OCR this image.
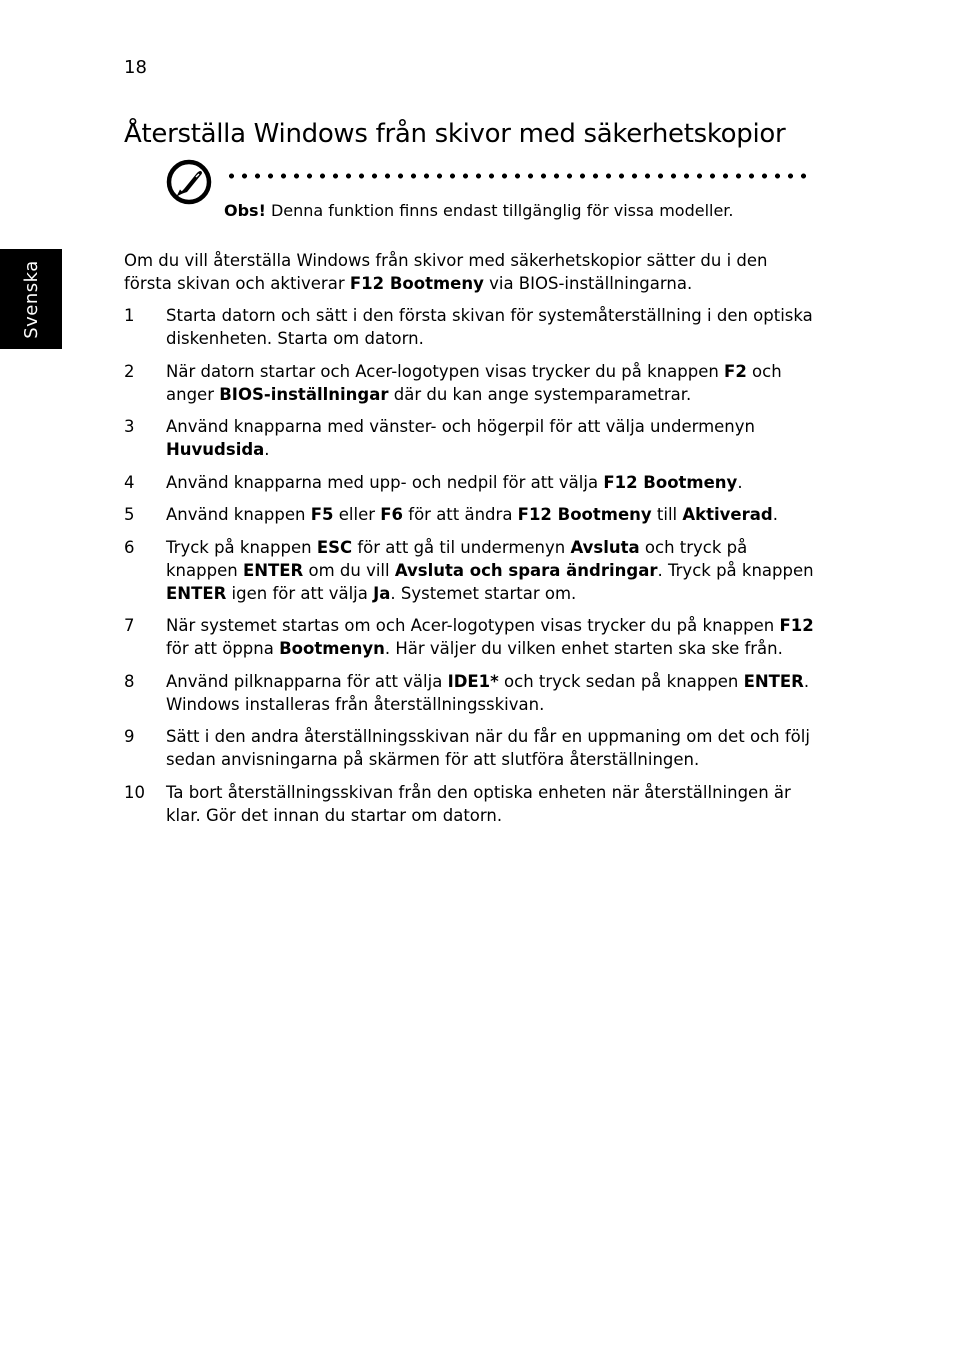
18
Svenska
Återställa Windows från skivor med säkerhetskopior
Obs! Denna funktion finns endast tillgänglig för vissa modeller.

Om du vill återställa Windows från skivor med säkerhetskopior sätter du i den första skivan och aktiverar F12 Bootmeny via BIOS-inställningarna.

1	Starta datorn och sätt i den första skivan för systemåterställning i den optiska diskenheten. Starta om datorn.
2	När datorn startar och Acer-logotypen visas trycker du på knappen F2 och anger BIOS-inställningar där du kan ange systemparametrar.
3	Använd knapparna med vänster- och högerpil för att välja undermenyn Huvudsida.
4	Använd knapparna med upp- och nedpil för att välja F12 Bootmeny.
5	Använd knappen F5 eller F6 för att ändra F12 Bootmeny till Aktiverad.
6	Tryck på knappen ESC för att gå til undermenyn Avsluta och tryck på knappen ENTER om du vill Avsluta och spara ändringar. Tryck på knappen ENTER igen för att välja Ja. Systemet startar om.
7	När systemet startas om och Acer-logotypen visas trycker du på knappen F12 för att öppna Bootmenyn. Här väljer du vilken enhet starten ska ske från.
8	Använd pilknapparna för att välja IDE1* och tryck sedan på knappen ENTER. Windows installeras från återställningsskivan.
9	Sätt i den andra återställningsskivan när du får en uppmaning om det och följ sedan anvisningarna på skärmen för att slutföra återställningen.
10	Ta bort återställningsskivan från den optiska enheten när återställningen är klar. Gör det innan du startar om datorn.
